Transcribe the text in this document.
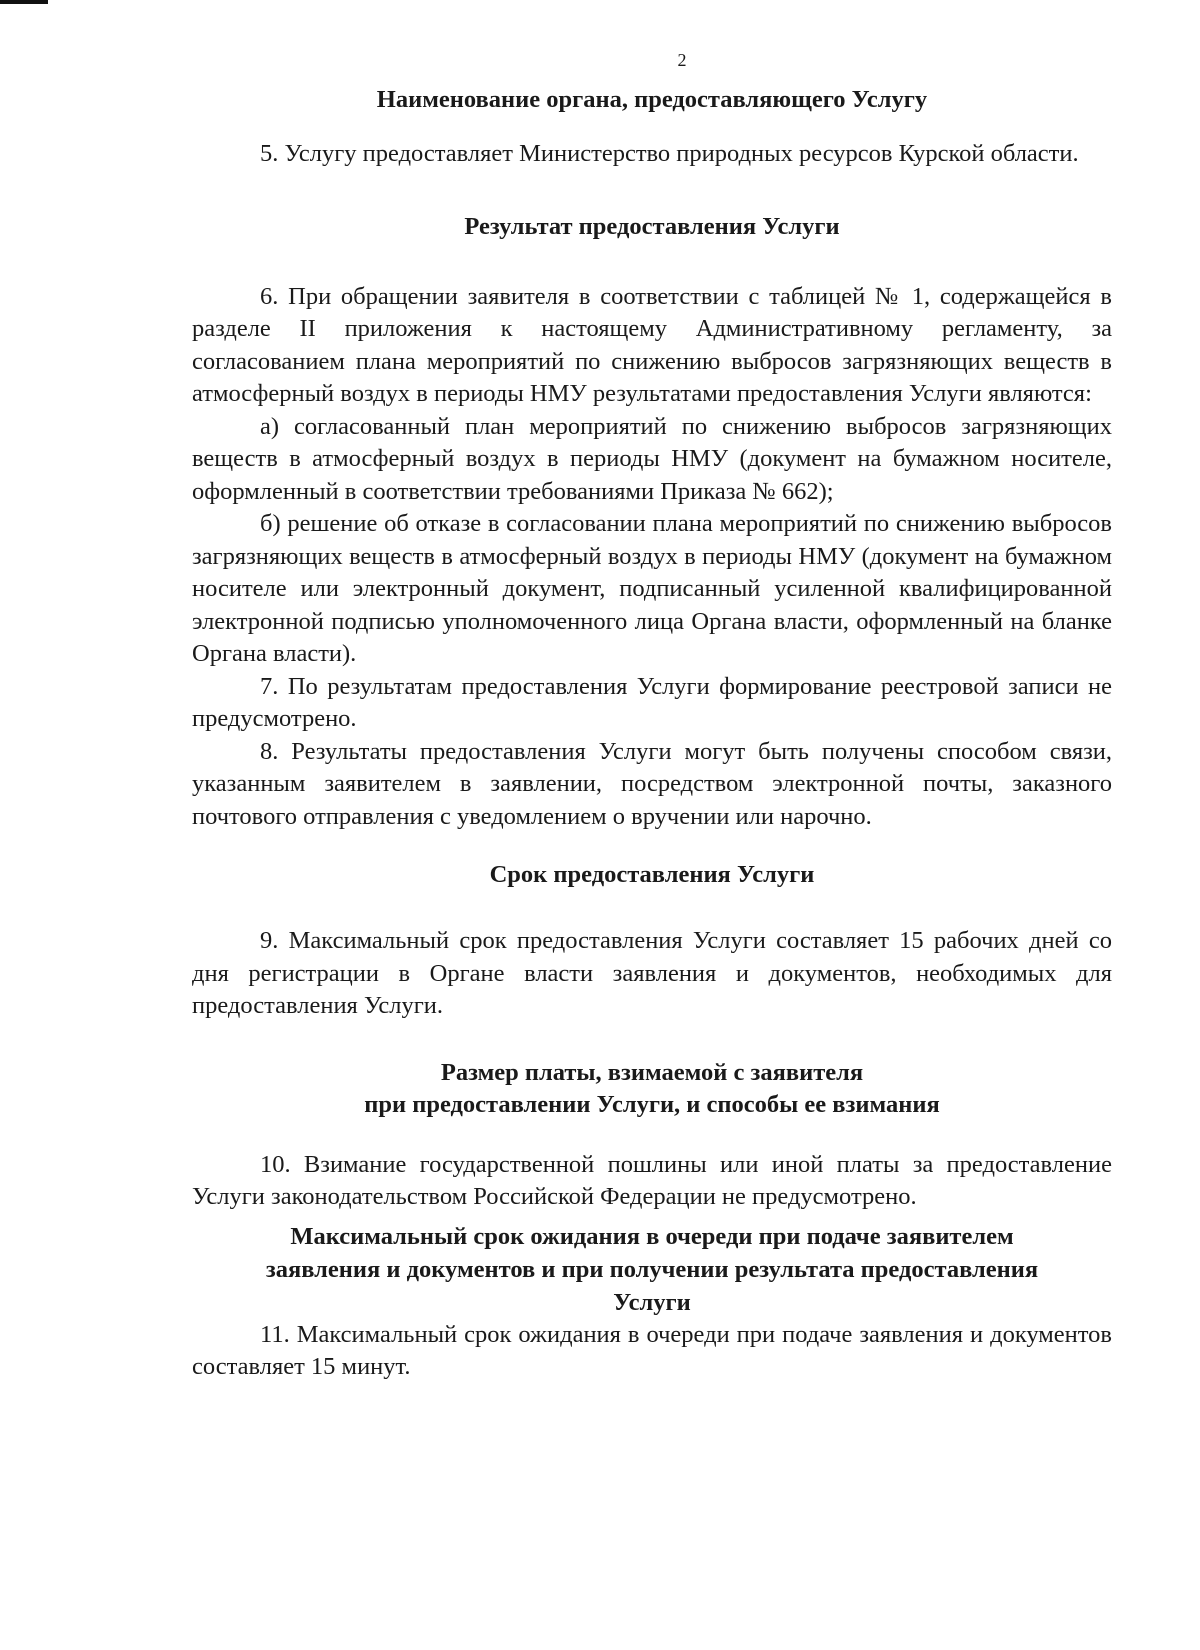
2
Наименование органа, предоставляющего Услугу

5. Услугу предоставляет Министерство природных ресурсов Курской области.

Результат предоставления Услуги

6. При обращении заявителя в соответствии с таблицей № 1, содержащейся в разделе II приложения к настоящему Административному регламенту, за согласованием плана мероприятий по снижению выбросов загрязняющих веществ в атмосферный воздух в периоды НМУ результатами предоставления Услуги являются:

а) согласованный план мероприятий по снижению выбросов загрязняющих веществ в атмосферный воздух в периоды НМУ (документ на бумажном носителе, оформленный в соответствии требованиями Приказа № 662);

б) решение об отказе в согласовании плана мероприятий по снижению выбросов загрязняющих веществ в атмосферный воздух в периоды НМУ (документ на бумажном носителе или электронный документ, подписанный усиленной квалифицированной электронной подписью уполномоченного лица Органа власти, оформленный на бланке Органа власти).

7. По результатам предоставления Услуги формирование реестровой записи не предусмотрено.

8. Результаты предоставления Услуги могут быть получены способом связи, указанным заявителем в заявлении, посредством электронной почты, заказного почтового отправления с уведомлением о вручении или нарочно.

Срок предоставления Услуги

9. Максимальный срок предоставления Услуги составляет 15 рабочих дней со дня регистрации в Органе власти заявления и документов, необходимых для предоставления Услуги.

Размер платы, взимаемой с заявителя
при предоставлении Услуги, и способы ее взимания

10. Взимание государственной пошлины или иной платы за предоставление Услуги законодательством Российской Федерации не предусмотрено.

Максимальный срок ожидания в очереди при подаче заявителем
заявления и документов и при получении результата предоставления
Услуги

11. Максимальный срок ожидания в очереди при подаче заявления и документов составляет 15 минут.
